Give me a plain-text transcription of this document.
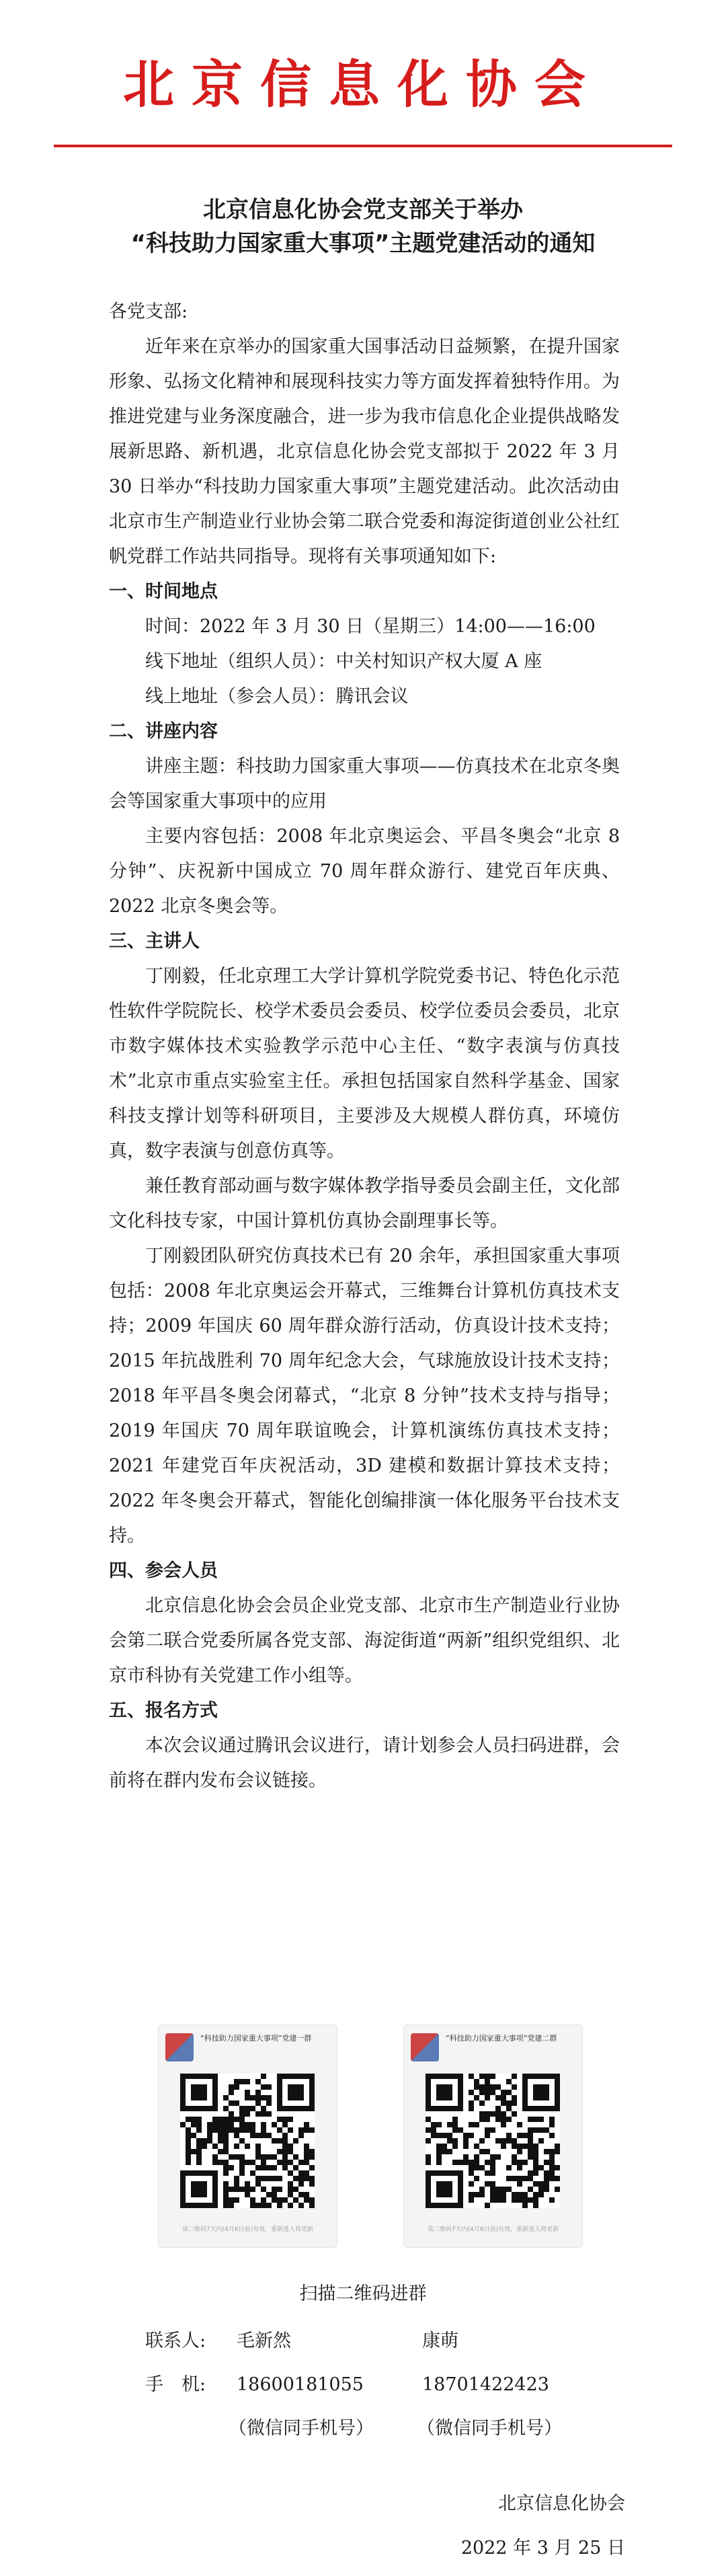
北京信息化协会
北京信息化协会党支部关于举办
“科技助力国家重大事项”主题党建活动的通知

各党支部:

近年来在京举办的国家重大国事活动日益频繁，在提升国家形象、弘扬文化精神和展现科技实力等方面发挥着独特作用。为推进党建与业务深度融合，进一步为我市信息化企业提供战略发展新思路、新机遇，北京信息化协会党支部拟于 2022 年 3 月 30 日举办“科技助力国家重大事项”主题党建活动。此次活动由北京市生产制造业行业协会第二联合党委和海淀街道创业公社红帆党群工作站共同指导。现将有关事项通知如下:

一、时间地点

时间：2022 年 3 月 30 日（星期三）14:00——16:00

线下地址（组织人员）：中关村知识产权大厦 A 座

线上地址（参会人员）：腾讯会议

二、讲座内容

讲座主题：科技助力国家重大事项——仿真技术在北京冬奥会等国家重大事项中的应用

主要内容包括：2008 年北京奥运会、平昌冬奥会“北京 8 分钟”、庆祝新中国成立 70 周年群众游行、建党百年庆典、2022 北京冬奥会等。

三、主讲人

丁刚毅，任北京理工大学计算机学院党委书记、特色化示范性软件学院院长、校学术委员会委员、校学位委员会委员，北京市数字媒体技术实验教学示范中心主任、“数字表演与仿真技术”北京市重点实验室主任。承担包括国家自然科学基金、国家科技支撑计划等科研项目，主要涉及大规模人群仿真，环境仿真，数字表演与创意仿真等。

兼任教育部动画与数字媒体教学指导委员会副主任，文化部文化科技专家，中国计算机仿真协会副理事长等。

丁刚毅团队研究仿真技术已有 20 余年，承担国家重大事项包括：2008 年北京奥运会开幕式，三维舞台计算机仿真技术支持；2009 年国庆 60 周年群众游行活动，仿真设计技术支持；2015 年抗战胜利 70 周年纪念大会，气球施放设计技术支持；2018 年平昌冬奥会闭幕式，“北京 8 分钟”技术支持与指导；2019 年国庆 70 周年联谊晚会，计算机演练仿真技术支持；2021 年建党百年庆祝活动，3D 建模和数据计算技术支持；2022 年冬奥会开幕式，智能化创编排演一体化服务平台技术支持。

四、参会人员

北京信息化协会会员企业党支部、北京市生产制造业行业协会第二联合党委所属各党支部、海淀街道“两新”组织党组织、北京市科协有关党建工作小组等。

五、报名方式

本次会议通过腾讯会议进行，请计划参会人员扫码进群，会前将在群内发布会议链接。

“科技助力国家重大事项”党建一群
该二维码7天内(4月6日前)有效，重新进入将更新
“科技助力国家重大事项”党建二群
该二维码7天内(4月6日前)有效，重新进入将更新
扫描二维码进群
联系人: 毛新然	康萌
手　机: 18600181055	18701422423
（微信同手机号） （微信同手机号）
北京信息化协会
2022 年 3 月 25 日
